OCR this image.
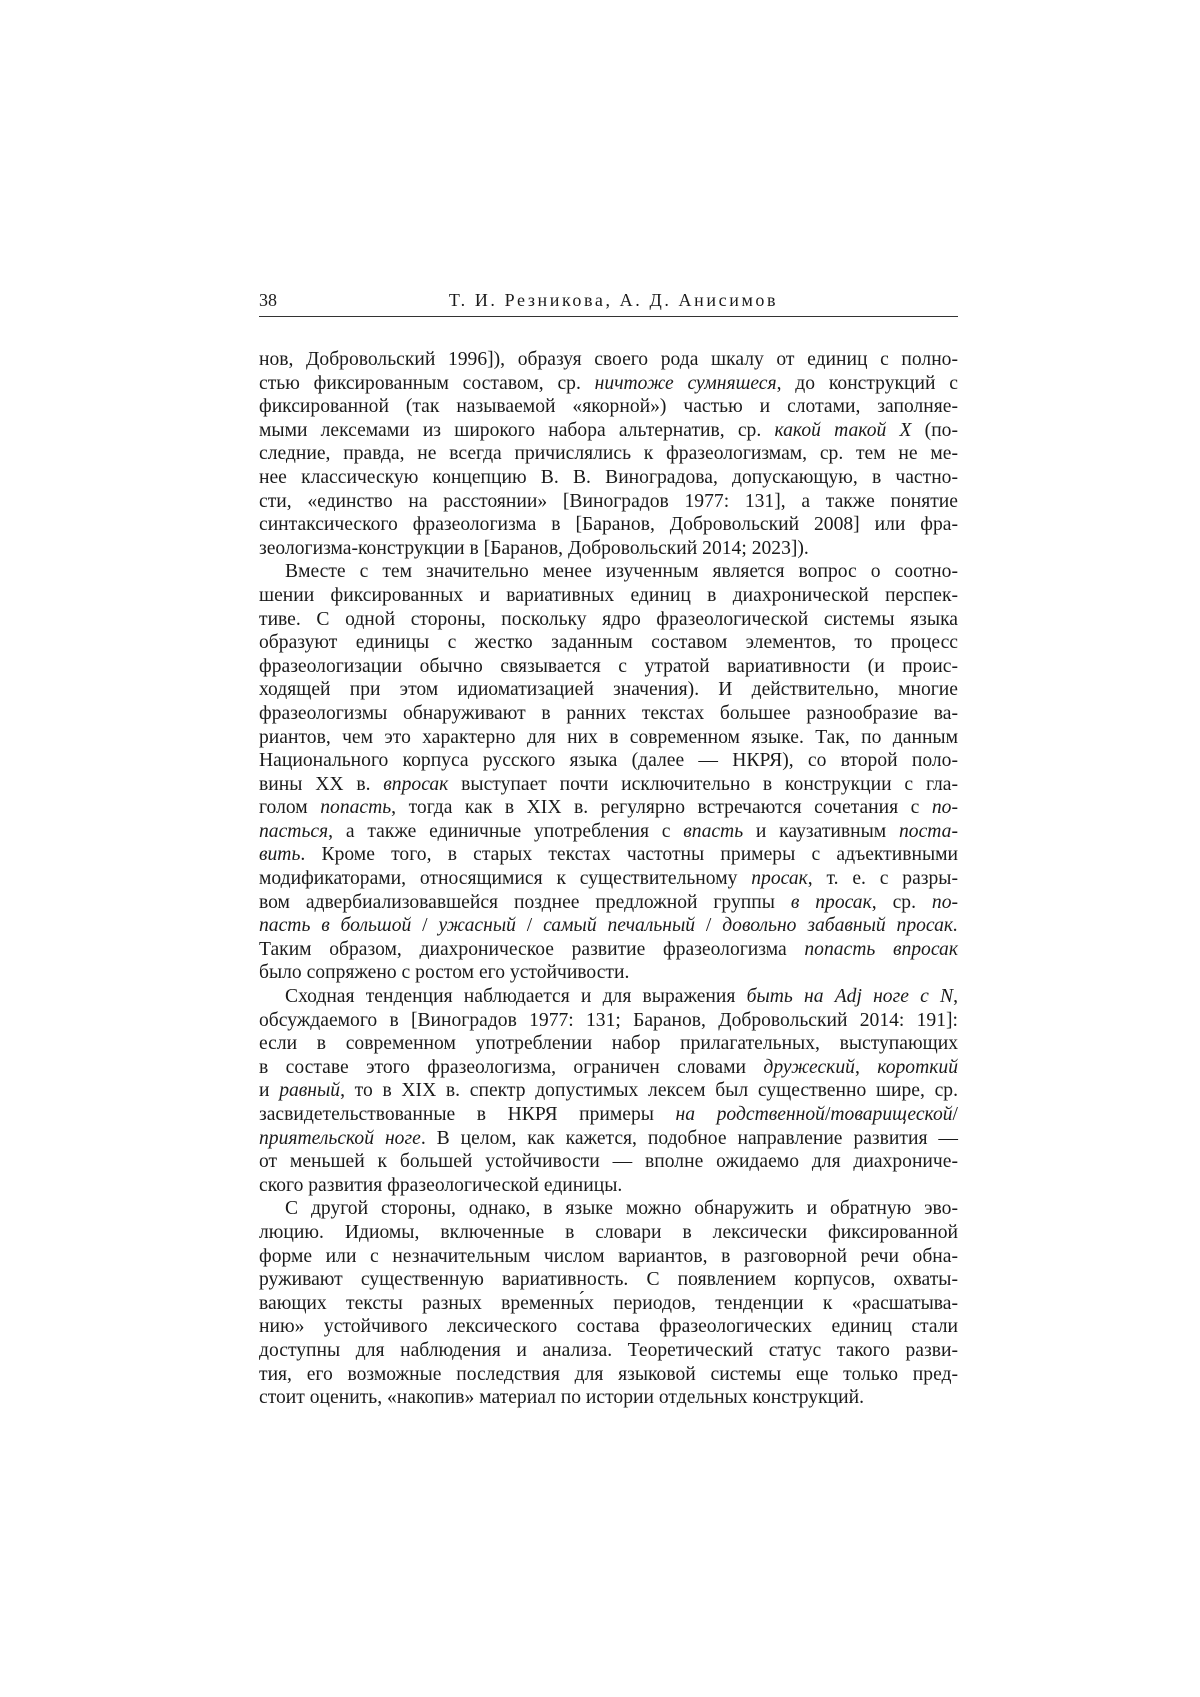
38	Т. И. Резникова, А. Д. Анисимов

нов, Добровольский 1996]), образуя своего рода шкалу от единиц с полно-
стью фиксированным составом, ср. ничтоже сумняшеся, до конструкций с
фиксированной (так называемой «якорной») частью и слотами, заполняе-
мыми лексемами из широкого набора альтернатив, ср. какой такой X (по-
следние, правда, не всегда причислялись к фразеологизмам, ср. тем не ме-
нее классическую концепцию В. В. Виноградова, допускающую, в частно-
сти, «единство на расстоянии» [Виноградов 1977: 131], а также понятие
синтаксического фразеологизма в [Баранов, Добровольский 2008] или фра-
зеологизма-конструкции в [Баранов, Добровольский 2014; 2023]).

Вместе с тем значительно менее изученным является вопрос о соотно-
шении фиксированных и вариативных единиц в диахронической перспек-
тиве. С одной стороны, поскольку ядро фразеологической системы языка
образуют единицы с жестко заданным составом элементов, то процесс
фразеологизации обычно связывается с утратой вариативности (и проис-
ходящей при этом идиоматизацией значения). И действительно, многие
фразеологизмы обнаруживают в ранних текстах большее разнообразие ва-
риантов, чем это характерно для них в современном языке. Так, по данным
Национального корпуса русского языка (далее — НКРЯ), со второй поло-
вины XX в. впросак выступает почти исключительно в конструкции с гла-
голом попасть, тогда как в XIX в. регулярно встречаются сочетания с по-
пасться, а также единичные употребления с впасть и каузативным поста-
вить. Кроме того, в старых текстах частотны примеры с адъективными
модификаторами, относящимися к существительному просак, т. е. с разры-
вом адвербиализовавшейся позднее предложной группы в просак, ср. по-
пасть в большой / ужасный / самый печальный / довольно забавный просак.
Таким образом, диахроническое развитие фразеологизма попасть впросак
было сопряжено с ростом его устойчивости.

Сходная тенденция наблюдается и для выражения быть на Adj ноге с N,
обсуждаемого в [Виноградов 1977: 131; Баранов, Добровольский 2014: 191]:
если в современном употреблении набор прилагательных, выступающих
в составе этого фразеологизма, ограничен словами дружеский, короткий
и равный, то в XIX в. спектр допустимых лексем был существенно шире, ср.
засвидетельствованные в НКРЯ примеры на родственной/товарищеской/
приятельской ноге. В целом, как кажется, подобное направление развития —
от меньшей к большей устойчивости — вполне ожидаемо для диахрониче-
ского развития фразеологической единицы.

С другой стороны, однако, в языке можно обнаружить и обратную эво-
люцию. Идиомы, включенные в словари в лексически фиксированной
форме или с незначительным числом вариантов, в разговорной речи обна-
руживают существенную вариативность. С появлением корпусов, охваты-
вающих тексты разных временны́х периодов, тенденции к «расшатыва-
нию» устойчивого лексического состава фразеологических единиц стали
доступны для наблюдения и анализа. Теоретический статус такого разви-
тия, его возможные последствия для языковой системы еще только пред-
стоит оценить, «накопив» материал по истории отдельных конструкций.
